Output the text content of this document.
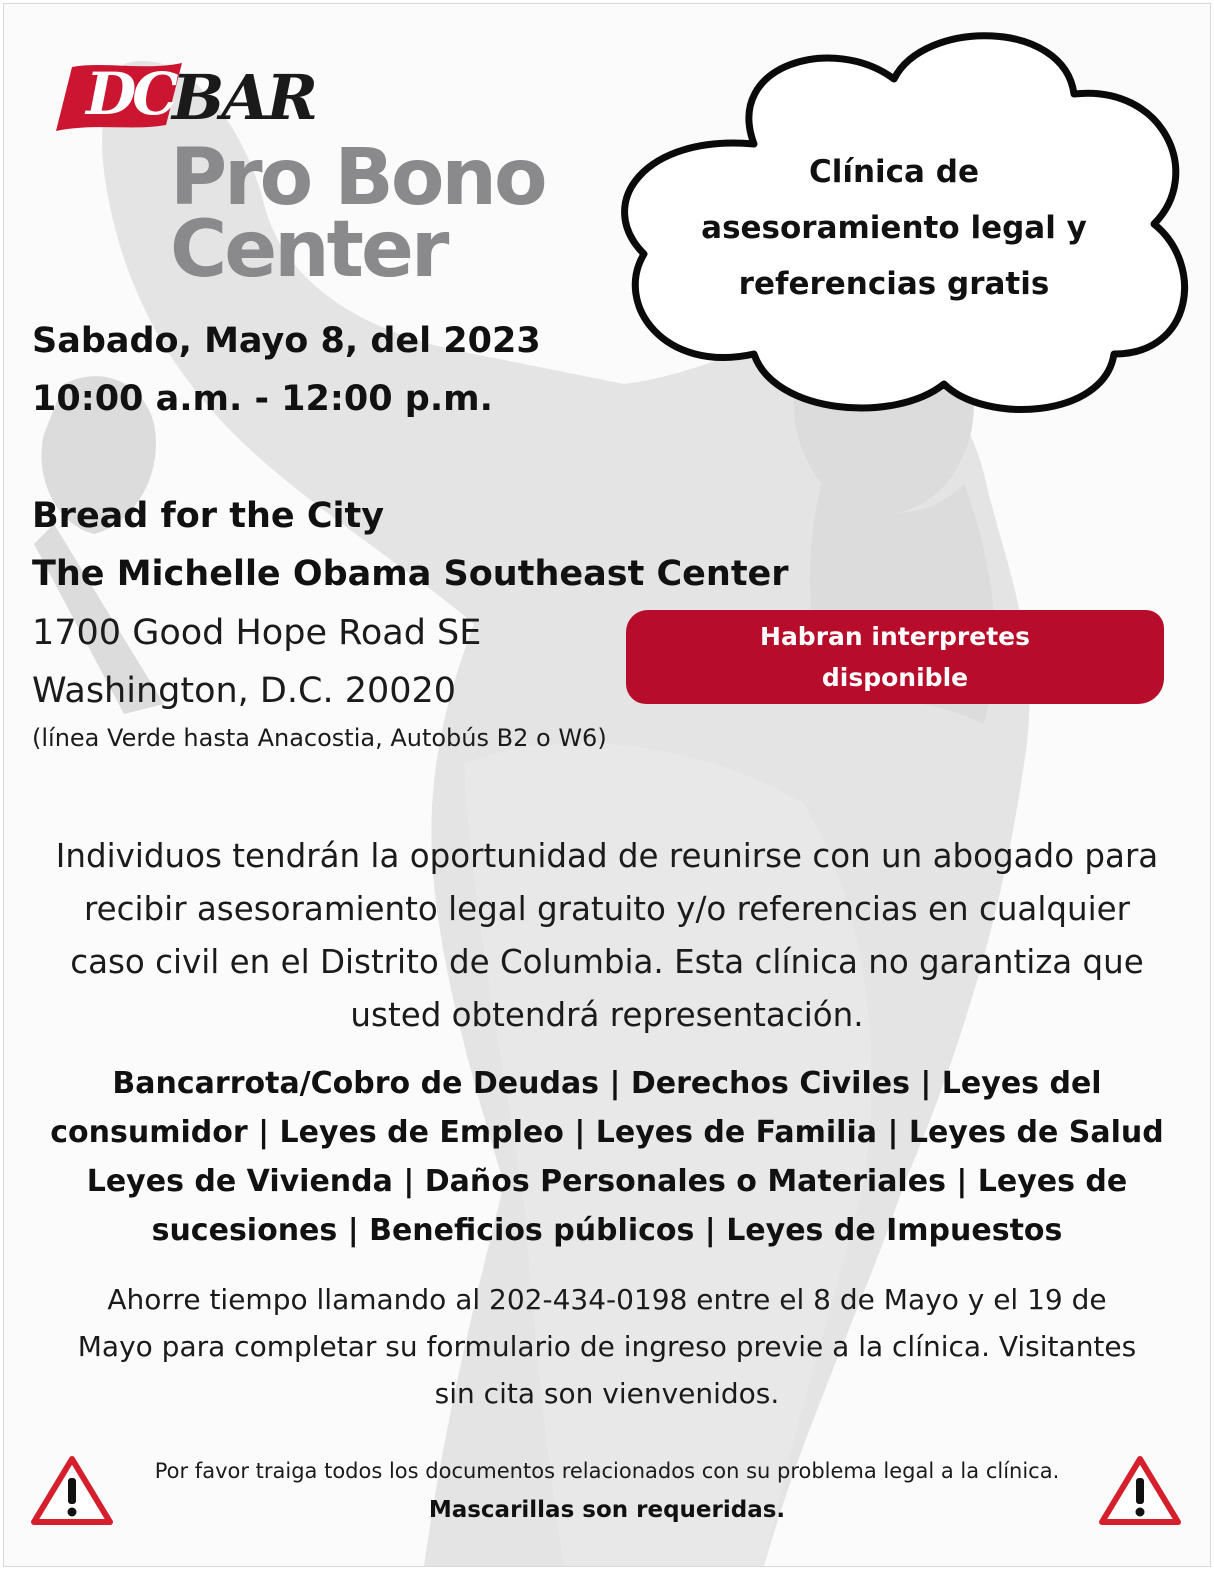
DC
BAR
Pro Bono
Center
Clínica de
asesoramiento legal y
referencias gratis
Sabado, Mayo 8, del 2023
10:00 a.m. - 12:00 p.m.
Bread for the City
The Michelle Obama Southeast Center
1700 Good Hope Road SE
Washington, D.C. 20020
(línea Verde hasta Anacostia, Autobús B2 o W6)
Habran interpretes
disponible
Individuos tendrán la oportunidad de reunirse con un abogado para
recibir asesoramiento legal gratuito y/o referencias en cualquier
caso civil en el Distrito de Columbia. Esta clínica no garantiza que
usted obtendrá representación.
Bancarrota/Cobro de Deudas | Derechos Civiles | Leyes del
consumidor | Leyes de Empleo | Leyes de Familia | Leyes de Salud
Leyes de Vivienda | Daños Personales o Materiales | Leyes de
sucesiones | Beneficios públicos | Leyes de Impuestos
Ahorre tiempo llamando al 202-434-0198 entre el 8 de Mayo y el 19 de
Mayo para completar su formulario de ingreso previe a la clínica. Visitantes
sin cita son vienvenidos.
Por favor traiga todos los documentos relacionados con su problema legal a la clínica.
Mascarillas son requeridas.
